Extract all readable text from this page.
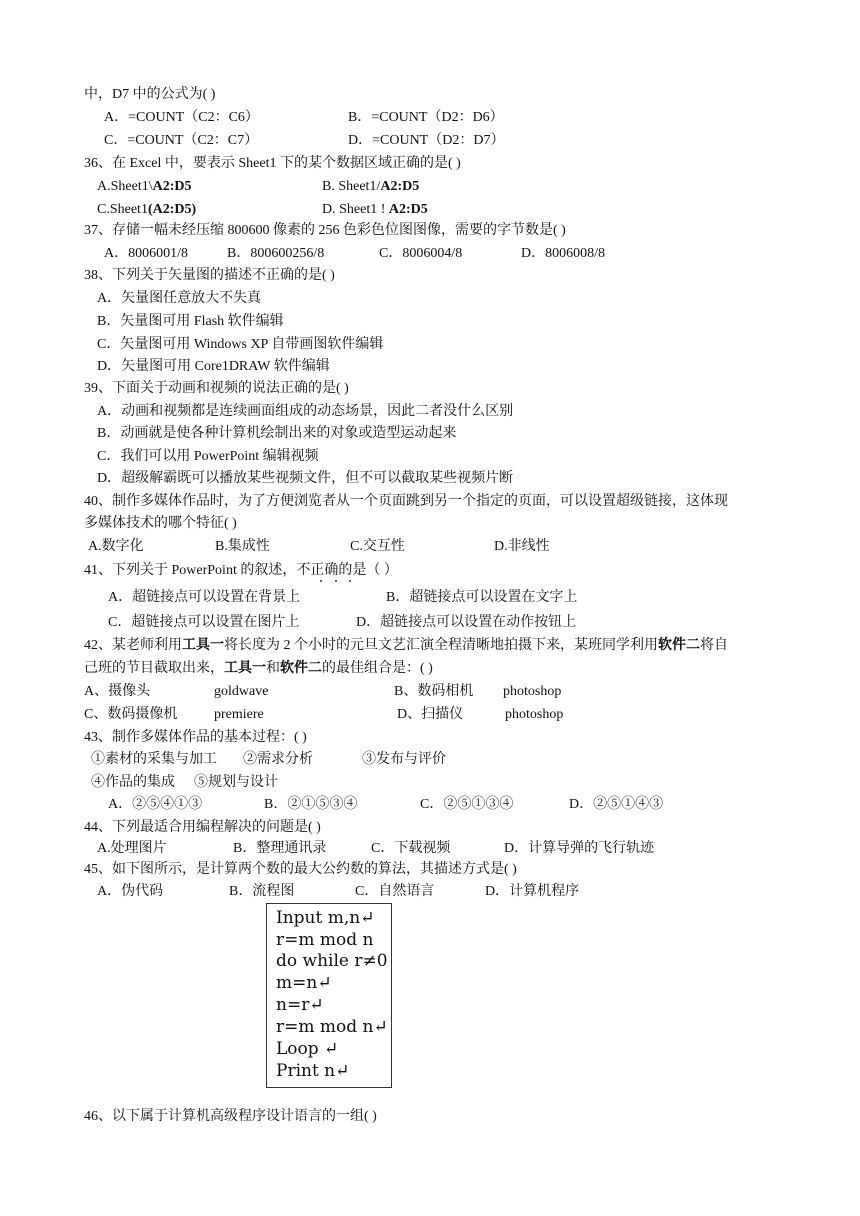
中，D7 中的公式为( )
A．=COUNT（C2：C6）	B．=COUNT（D2：D6）
C．=COUNT（C2：C7）	D．=COUNT（D2：D7）
36、在 Excel 中，要表示 Sheet1 下的某个数据区域正确的是( )
A.Sheet1\A2:D5	B. Sheet1/A2:D5
C.Sheet1(A2:D5)	D. Sheet1 ! A2:D5
37、存储一幅未经压缩 800600 像素的 256 色彩色位图图像，需要的字节数是( )
A．8006001/8	B．800600256/8	C．8006004/8	D．8006008/8
38、下列关于矢量图的描述不正确的是( )
A．矢量图任意放大不失真
B．矢量图可用 Flash 软件编辑
C．矢量图可用 Windows XP 自带画图软件编辑
D．矢量图可用 Core1DRAW 软件编辑
39、下面关于动画和视频的说法正确的是( )
A．动画和视频都是连续画面组成的动态场景，因此二者没什么区别
B．动画就是使各种计算机绘制出来的对象或造型运动起来
C．我们可以用 PowerPoint 编辑视频
D．超级解霸既可以播放某些视频文件，但不可以截取某些视频片断
40、制作多媒体作品时，为了方便浏览者从一个页面跳到另一个指定的页面，可以设置超级链接，这体现
多媒体技术的哪个特征( )
A.数字化	B.集成性	C.交互性	D.非线性
41、下列关于 PowerPoint 的叙述，不正确的是（ ）
A．超链接点可以设置在背景上	B．超链接点可以设置在文字上
C．超链接点可以设置在图片上	D．超链接点可以设置在动作按钮上
42、某老师利用工具一将长度为 2 个小时的元旦文艺汇演全程清晰地拍摄下来，某班同学利用软件二将自
己班的节目截取出来，工具一和软件二的最佳组合是：( )
A、摄像头	goldwave	B、数码相机 photoshop
C、数码摄像机	premiere	D、扫描仪	photoshop
43、制作多媒体作品的基本过程：( )
①素材的采集与加工 ②需求分析	③发布与评价
④作品的集成 ⑤规划与设计
A．②⑤④①③	B．②①⑤③④	C．②⑤①③④	D．②⑤①④③
44、下列最适合用编程解决的问题是( )
A.处理图片	B．整理通讯录	C．下载视频	D．计算导弹的飞行轨迹
45、如下图所示，是计算两个数的最大公约数的算法，其描述方式是( )
A．伪代码	B．流程图	C．自然语言	D．计算机程序
Input m,n↵
r=m mod n
do while r≠0
m=n↵
n=r↵
r=m mod n↵
Loop ↵
Print n↵
46、以下属于计算机高级程序设计语言的一组( )
